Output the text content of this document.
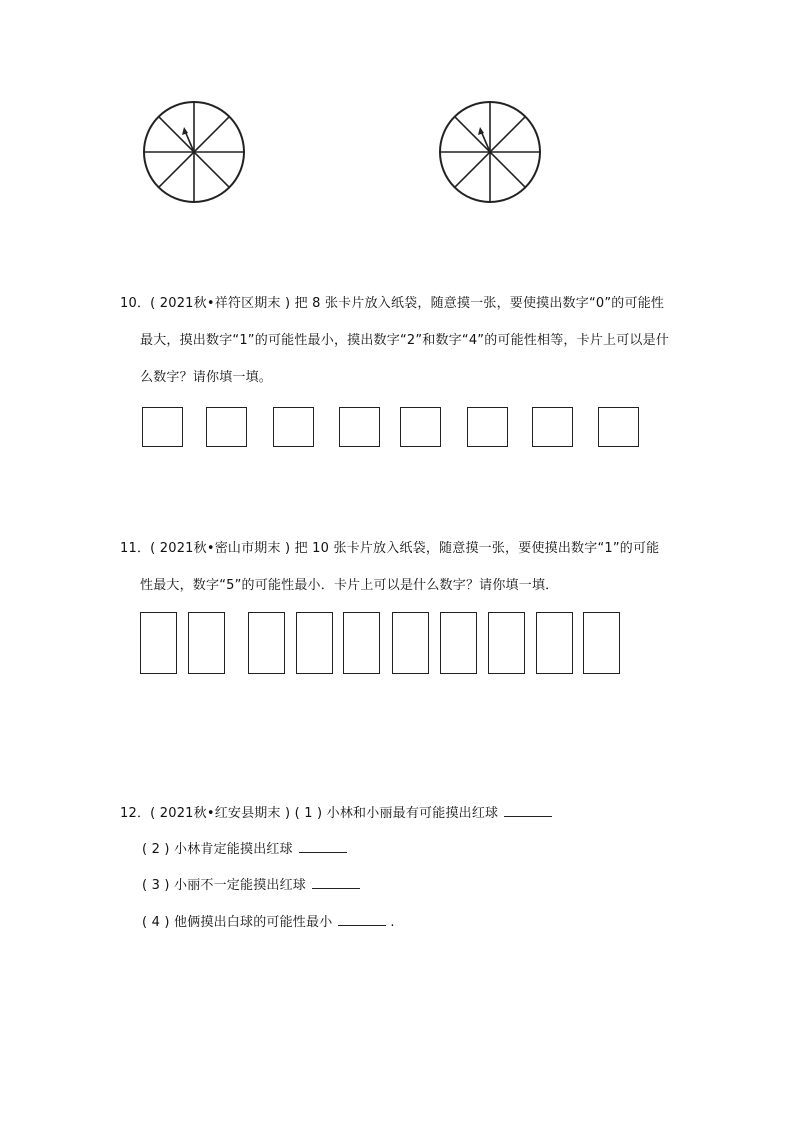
10．( 2021秋•祥符区期末 ) 把 8 张卡片放入纸袋，随意摸一张，要使摸出数字“0”的可能性
最大，摸出数字“1”的可能性最小，摸出数字“2”和数字“4”的可能性相等，卡片上可以是什
么数字？请你填一填。
11．( 2021秋•密山市期末 ) 把 10 张卡片放入纸袋，随意摸一张，要使摸出数字“1”的可能
性最大，数字“5”的可能性最小．卡片上可以是什么数字？请你填一填．
12．( 2021秋•红安县期末 ) ( 1 ) 小林和小丽最有可能摸出红球
( 2 ) 小林肯定能摸出红球
( 3 ) 小丽不一定能摸出红球
( 4 ) 他俩摸出白球的可能性最小	.
